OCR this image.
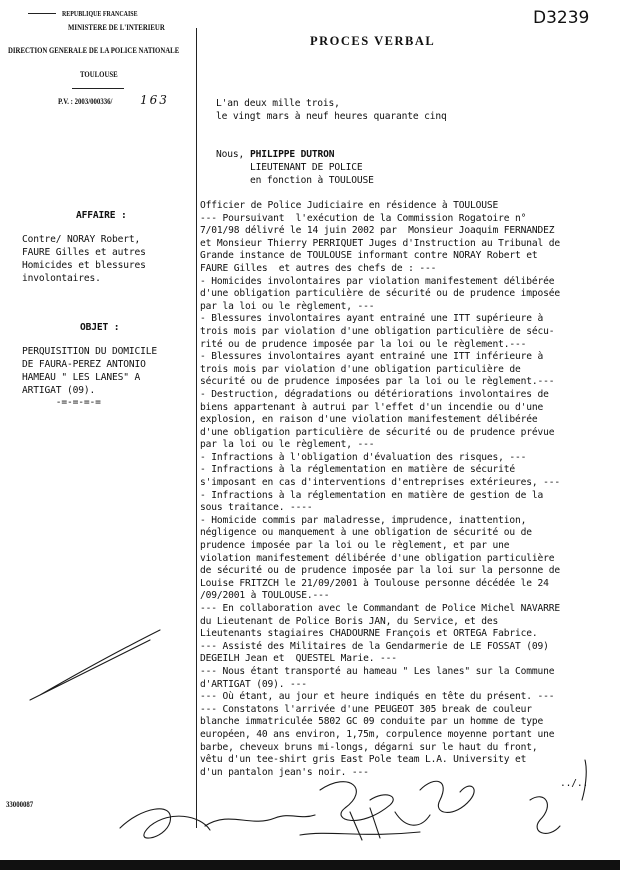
REPUBLIQUE FRANCAISE
MINISTERE DE L'INTERIEUR
DIRECTION GENERALE DE LA POLICE NATIONALE
TOULOUSE
P.V. : 2003/000336/ 163
D3239
PROCES VERBAL
L'an deux mille trois,
le vingt mars à neuf heures quarante cinq
Nous, PHILIPPE DUTRON
LIEUTENANT DE POLICE
en fonction à TOULOUSE
AFFAIRE :
Contre/ NORAY Robert,
FAURE Gilles et autres
Homicides et blessures
involontaires.
OBJET :
PERQUISITION DU DOMICILE
DE FAURA-PEREZ ANTONIO
HAMEAU " LES LANES" A
ARTIGAT (09).
-=-=-=-=
Officier de Police Judiciaire en résidence à TOULOUSE
--- Poursuivant  l'exécution de la Commission Rogatoire n°
7/01/98 délivré le 14 juin 2002 par  Monsieur Joaquim FERNANDEZ
et Monsieur Thierry PERRIQUET Juges d'Instruction au Tribunal de
Grande instance de TOULOUSE informant contre NORAY Robert et
FAURE Gilles  et autres des chefs de : ---
- Homicides involontaires par violation manifestement délibérée
d'une obligation particulière de sécurité ou de prudence imposée
par la loi ou le règlement, ---
- Blessures involontaires ayant entrainé une ITT supérieure à
trois mois par violation d'une obligation particulière de sécu-
rité ou de prudence imposée par la loi ou le règlement.---
- Blessures involontaires ayant entrainé une ITT inférieure à
trois mois par violation d'une obligation particulière de
sécurité ou de prudence imposées par la loi ou le règlement.---
- Destruction, dégradations ou détériorations involontaires de
biens appartenant à autrui par l'effet d'un incendie ou d'une
explosion, en raison d'une violation manifestement délibérée
d'une obligation particulière de sécurité ou de prudence prévue
par la loi ou le règlement, ---
- Infractions à l'obligation d'évaluation des risques, ---
- Infractions à la réglementation en matière de sécurité
s'imposant en cas d'interventions d'entreprises extérieures, ---
- Infractions à la réglementation en matière de gestion de la
sous traitance. ----
- Homicide commis par maladresse, imprudence, inattention,
négligence ou manquement à une obligation de sécurité ou de
prudence imposée par la loi ou le règlement, et par une
violation manifestement délibérée d'une obligation particulière
de sécurité ou de prudence imposée par la loi sur la personne de
Louise FRITZCH le 21/09/2001 à Toulouse personne décédée le 24
/09/2001 à TOULOUSE.---
--- En collaboration avec le Commandant de Police Michel NAVARRE
du Lieutenant de Police Boris JAN, du Service, et des
Lieutenants stagiaires CHADOURNE François et ORTEGA Fabrice.
--- Assisté des Militaires de la Gendarmerie de LE FOSSAT (09)
DEGEILH Jean et  QUESTEL Marie. ---
--- Nous étant transporté au hameau " Les lanes" sur la Commune
d'ARTIGAT (09). ---
--- Où étant, au jour et heure indiqués en tête du présent. ---
--- Constatons l'arrivée d'une PEUGEOT 305 break de couleur
blanche immatriculée 5802 GC 09 conduite par un homme de type
européen, 40 ans environ, 1,75m, corpulence moyenne portant une
barbe, cheveux bruns mi-longs, dégarni sur le haut du front,
vêtu d'un tee-shirt gris East Pole team L.A. University et
d'un pantalon jean's noir. ---
33000087
../..
